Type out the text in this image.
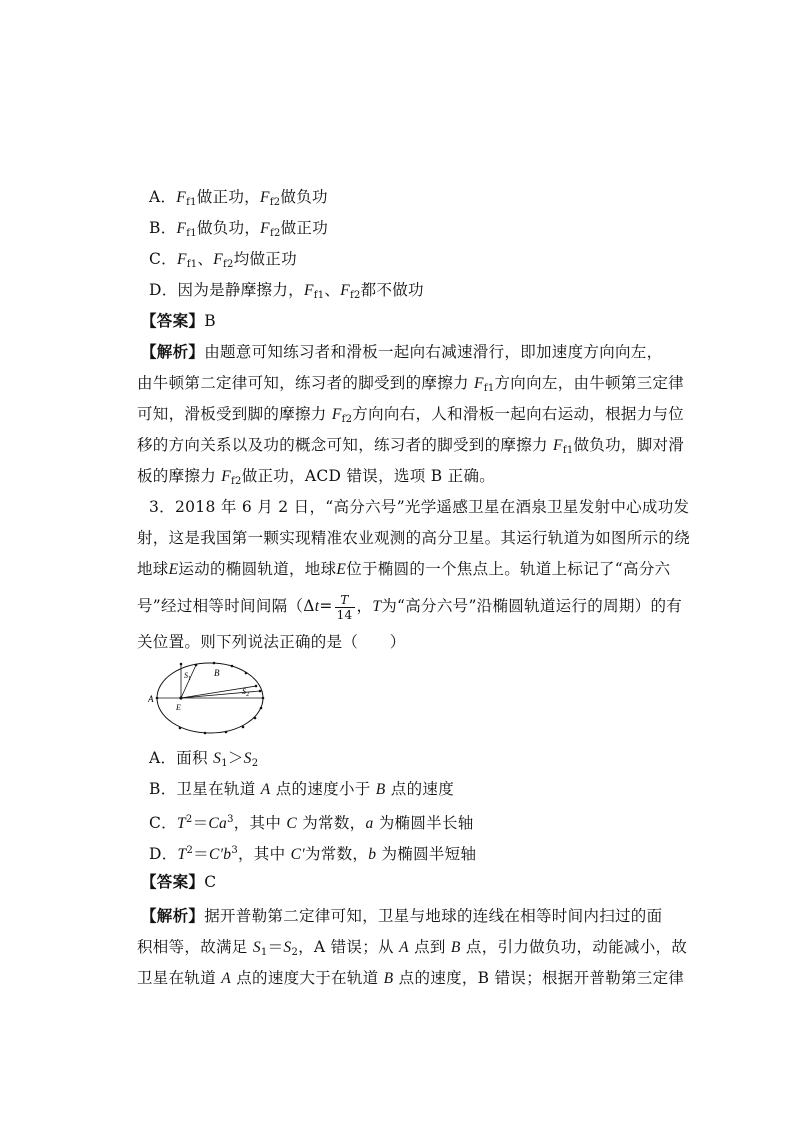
A．$F_{f1}$做正功，$F_{f2}$做负功
B．$F_{f1}$做负功，$F_{f2}$做正功
C．$F_{f1}$、$F_{f2}$均做正功
D．因为是静摩擦力，$F_{f1}$、$F_{f2}$都不做功
【答案】B
【解析】由题意可知练习者和滑板一起向右减速滑行，即加速度方向向左，
由牛顿第二定律可知，练习者的脚受到的摩擦力 $F_{f1}$方向向左，由牛顿第三定律
可知，滑板受到脚的摩擦力 $F_{f2}$方向向右，人和滑板一起向右运动，根据力与位
移的方向关系以及功的概念可知，练习者的脚受到的摩擦力 $F_{f1}$做负功，脚对滑
板的摩擦力 $F_{f2}$做正功，ACD 错误，选项 B 正确。
3．2018 年 6 月 2 日，“高分六号”光学遥感卫星在酒泉卫星发射中心成功发
射，这是我国第一颗实现精准农业观测的高分卫星。其运行轨道为如图所示的绕
地球E运动的椭圆轨道，地球E位于椭圆的一个焦点上。轨道上标记了“高分六
号”经过相等时间间隔（$\Delta t= \frac{T}{14}$ ，T为“高分六号”沿椭圆轨道运行的周期）的有
关位置。则下列说法正确的是（　　）
A
E
B
$S_1$
$S_2$
A．面积 $S_1>S_2$
B．卫星在轨道 A 点的速度小于 B 点的速度
C．$T^2=Ca^3$，其中 C 为常数，a 为椭圆半长轴
D．$T^2=C'b^3$，其中 C′为常数，b 为椭圆半短轴
【答案】C
【解析】据开普勒第二定律可知，卫星与地球的连线在相等时间内扫过的面
积相等，故满足 $S_1=S_2$，A 错误；从 A 点到 B 点，引力做负功，动能减小，故
卫星在轨道 A 点的速度大于在轨道 B 点的速度，B 错误；根据开普勒第三定律
